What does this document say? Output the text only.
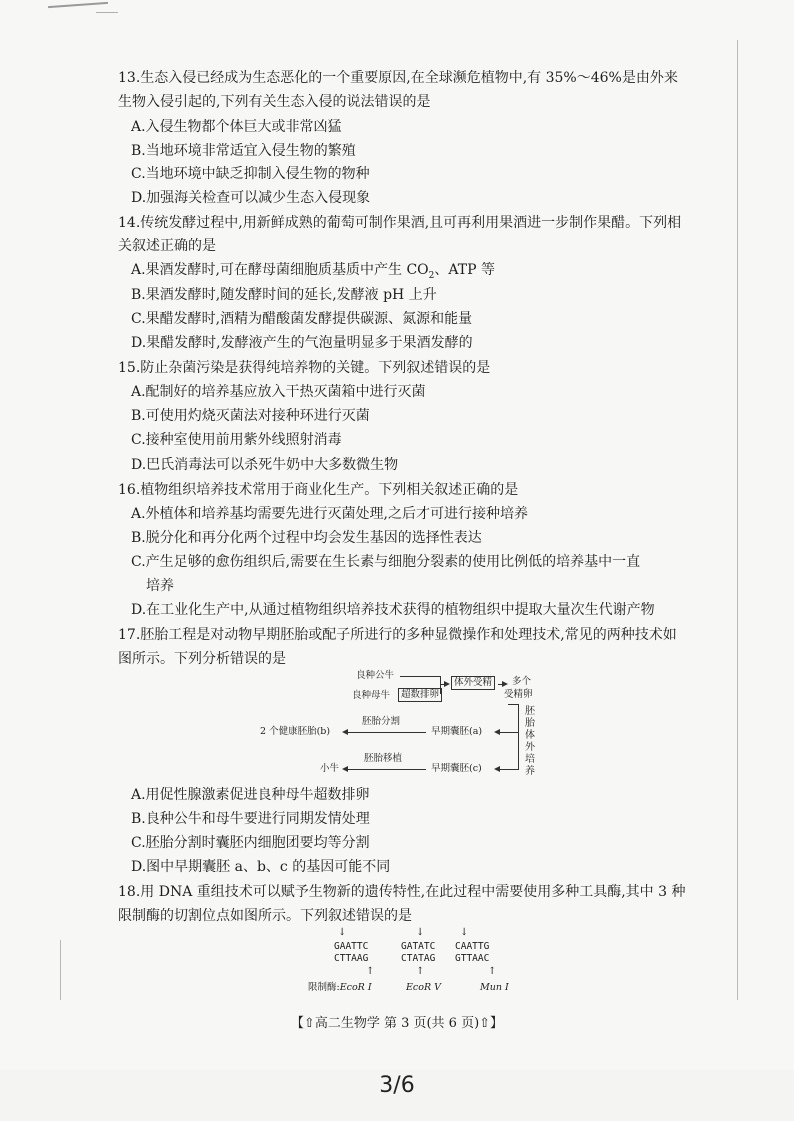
13.生态入侵已经成为生态恶化的一个重要原因,在全球濒危植物中,有 35%～46%是由外来
生物入侵引起的,下列有关生态入侵的说法错误的是
A.入侵生物都个体巨大或非常凶猛
B.当地环境非常适宜入侵生物的繁殖
C.当地环境中缺乏抑制入侵生物的物种
D.加强海关检查可以减少生态入侵现象
14.传统发酵过程中,用新鲜成熟的葡萄可制作果酒,且可再利用果酒进一步制作果醋。下列相
关叙述正确的是
A.果酒发酵时,可在酵母菌细胞质基质中产生 $CO_2$、ATP 等
B.果酒发酵时,随发酵时间的延长,发酵液 pH 上升
C.果醋发酵时,酒精为醋酸菌发酵提供碳源、氮源和能量
D.果醋发酵时,发酵液产生的气泡量明显多于果酒发酵的
15.防止杂菌污染是获得纯培养物的关键。下列叙述错误的是
A.配制好的培养基应放入干热灭菌箱中进行灭菌
B.可使用灼烧灭菌法对接种环进行灭菌
C.接种室使用前用紫外线照射消毒
D.巴氏消毒法可以杀死牛奶中大多数微生物
16.植物组织培养技术常用于商业化生产。下列相关叙述正确的是
A.外植体和培养基均需要先进行灭菌处理,之后才可进行接种培养
B.脱分化和再分化两个过程中均会发生基因的选择性表达
C.产生足够的愈伤组织后,需要在生长素与细胞分裂素的使用比例低的培养基中一直
培养
D.在工业化生产中,从通过植物组织培养技术获得的植物组织中提取大量次生代谢产物
17.胚胎工程是对动物早期胚胎或配子所进行的多种显微操作和处理技术,常见的两种技术如
图所示。下列分析错误的是
良种公牛
良种母牛	超数排卵
体外受精	多个
受精卵
胚
胎
体
外
培
养
早期囊胚(a)
胚胎分割
2 个健康胚胎(b)
早期囊胚(c)
胚胎移植
小牛
A.用促性腺激素促进良种母牛超数排卵
B.良种公牛和母牛要进行同期发情处理
C.胚胎分割时囊胚内细胞团要均等分割
D.图中早期囊胚 a、b、c 的基因可能不同
18.用 DNA 重组技术可以赋予生物新的遗传特性,在此过程中需要使用多种工具酶,其中 3 种
限制酶的切割位点如图所示。下列叙述错误的是
↓
GAATTC
CTTAAG
↑
↓
GATATC
CTATAG
↑
↓
CAATTG
GTTAAC
↑
限制酶:EcoR Ⅰ	EcoR Ⅴ	Mun Ⅰ
【⇧高二生物学 第 3 页(共 6 页)⇧】
3/6
